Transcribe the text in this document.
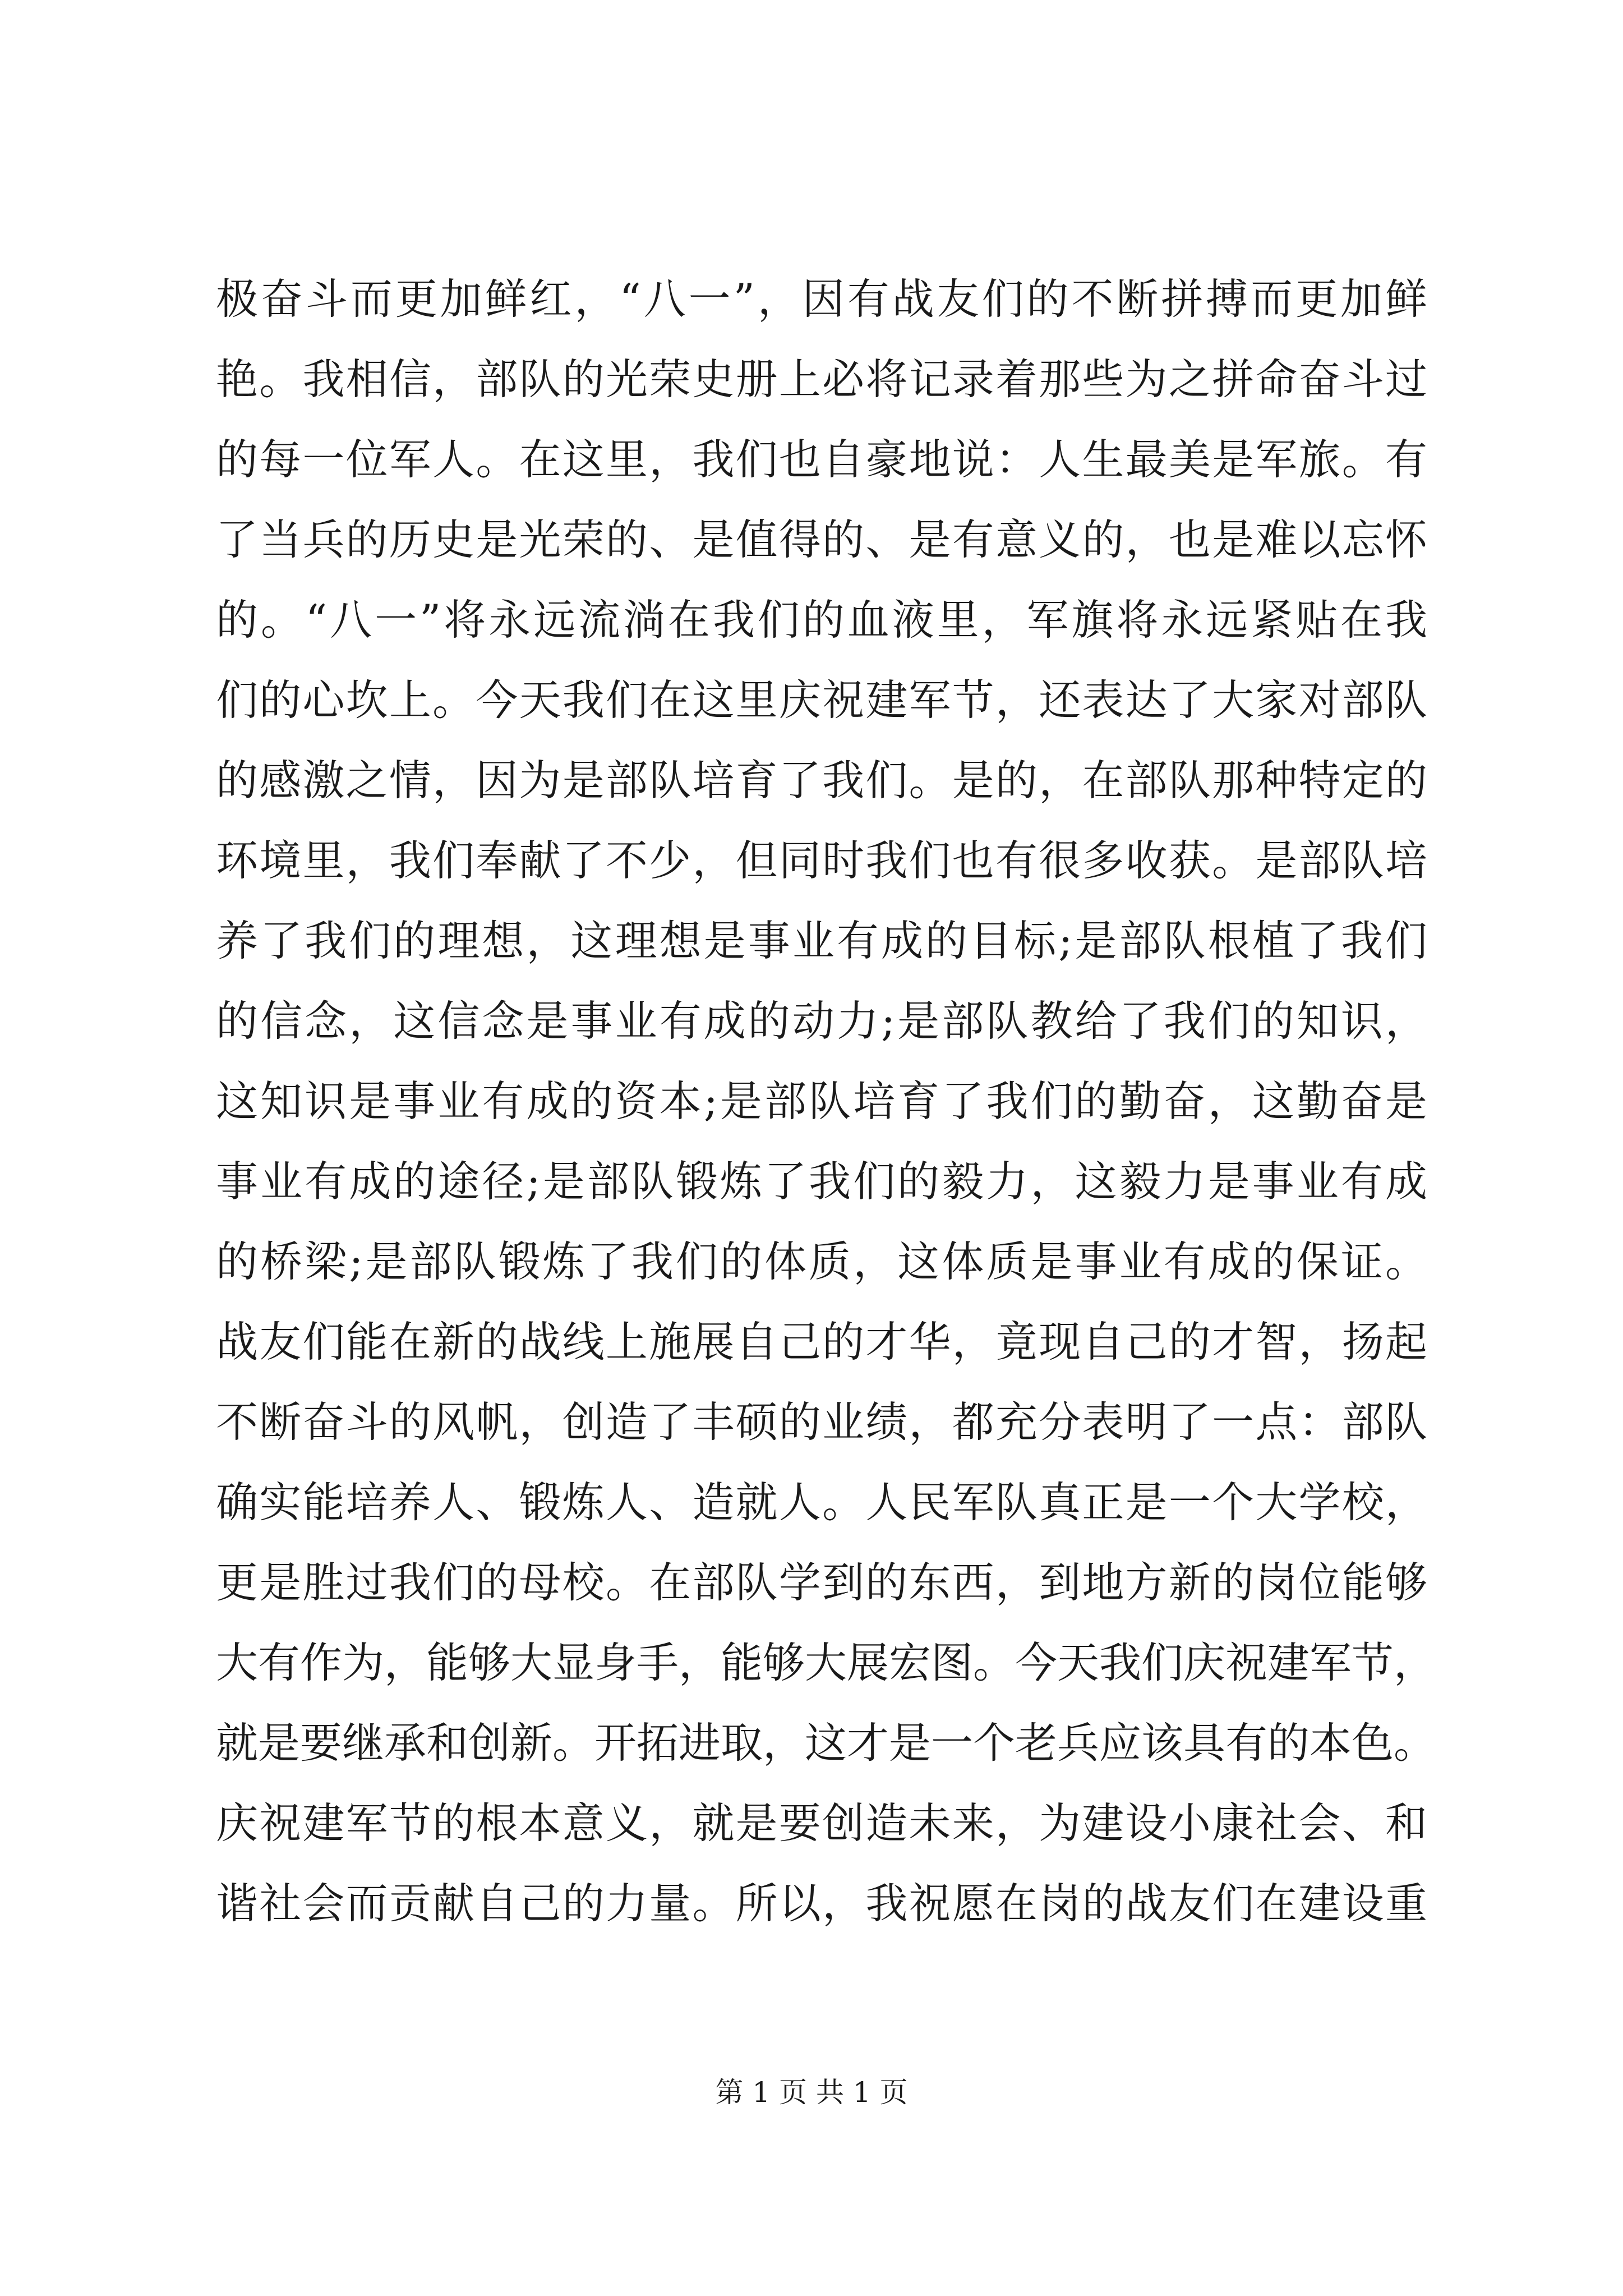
极奋斗而更加鲜红，“八一”，因有战友们的不断拼搏而更加鲜
艳。我相信，部队的光荣史册上必将记录着那些为之拼命奋斗过
的每一位军人。在这里，我们也自豪地说：人生最美是军旅。有
了当兵的历史是光荣的、是值得的、是有意义的，也是难以忘怀
的。“八一”将永远流淌在我们的血液里，军旗将永远紧贴在我
们的心坎上。今天我们在这里庆祝建军节，还表达了大家对部队
的感激之情，因为是部队培育了我们。是的，在部队那种特定的
环境里，我们奉献了不少，但同时我们也有很多收获。是部队培
养了我们的理想，这理想是事业有成的目标;是部队根植了我们
的信念，这信念是事业有成的动力;是部队教给了我们的知识，
这知识是事业有成的资本;是部队培育了我们的勤奋，这勤奋是
事业有成的途径;是部队锻炼了我们的毅力，这毅力是事业有成
的桥梁;是部队锻炼了我们的体质，这体质是事业有成的保证。
战友们能在新的战线上施展自己的才华，竟现自己的才智，扬起
不断奋斗的风帆，创造了丰硕的业绩，都充分表明了一点：部队
确实能培养人、锻炼人、造就人。人民军队真正是一个大学校，
更是胜过我们的母校。在部队学到的东西，到地方新的岗位能够
大有作为，能够大显身手，能够大展宏图。今天我们庆祝建军节，
就是要继承和创新。开拓进取，这才是一个老兵应该具有的本色。
庆祝建军节的根本意义，就是要创造未来，为建设小康社会、和
谐社会而贡献自己的力量。所以，我祝愿在岗的战友们在建设重
第 1 页 共 1 页
